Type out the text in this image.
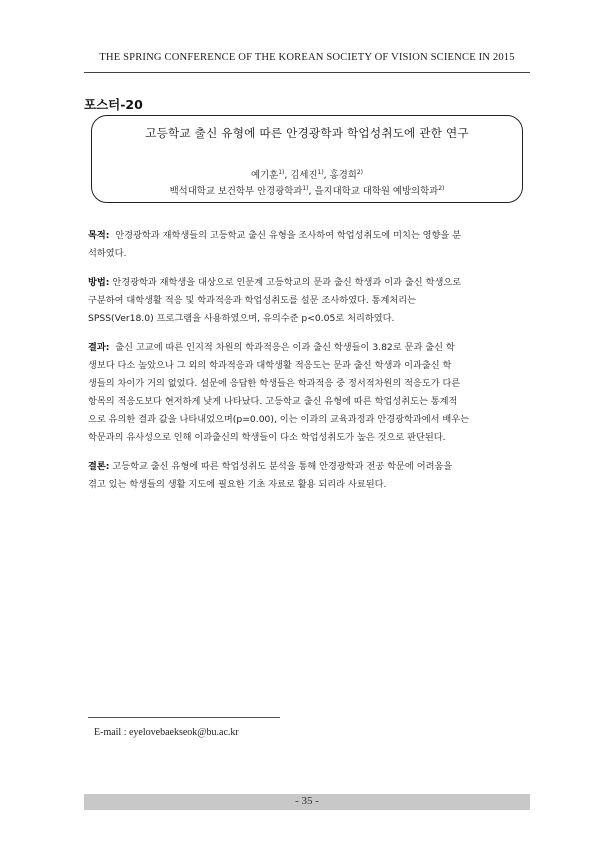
THE SPRING CONFERENCE OF THE KOREAN SOCIETY OF VISION SCIENCE IN 2015
포스터-20
고등학교 출신 유형에 따른 안경광학과 학업성취도에 관한 연구
예기훈$^{1)}$, 김세진$^{1)}$, 홍경희$^{2)}$
백석대학교 보건학부 안경광학과$^{1)}$, 을지대학교 대학원 예방의학과$^{2)}$
목적: 안경광학과 재학생들의 고등학교 출신 유형을 조사하여 학업성취도에 미치는 영향을 분
석하였다.
방법: 안경광학과 재학생을 대상으로 인문계 고등학교의 문과 출신 학생과 이과 출신 학생으로
구분하여 대학생활 적응 및 학과적응과 학업성취도를 설문 조사하였다. 통계처리는
SPSS(Ver18.0) 프로그램을 사용하였으며, 유의수준 p<0.05로 처리하였다.
결과: 출신 고교에 따른 인지적 차원의 학과적응은 이과 출신 학생들이 3.82로 문과 출신 학
생보다 다소 높았으나 그 외의 학과적응과 대학생활 적응도는 문과 출신 학생과 이과출신 학
생들의 차이가 거의 없었다. 설문에 응답한 학생들은 학과적응 중 정서적차원의 적응도가 다른
항목의 적응도보다 현저하게 낮게 나타났다. 고등학교 출신 유형에 따른 학업성취도는 통계적
으로 유의한 결과 값을 나타내었으며(p=0.00), 이는 이과의 교육과정과 안경광학과에서 배우는
학문과의 유사성으로 인해 이과출신의 학생들이 다소 학업성취도가 높은 것으로 판단된다.
결론: 고등학교 출신 유형에 따른 학업성취도 분석을 통해 안경광학과 전공 학문에 어려움을
겪고 있는 학생들의 생활 지도에 필요한 기초 자료로 활용 되리라 사료된다.
E-mail : eyelovebaekseok@bu.ac.kr
- 35 -
